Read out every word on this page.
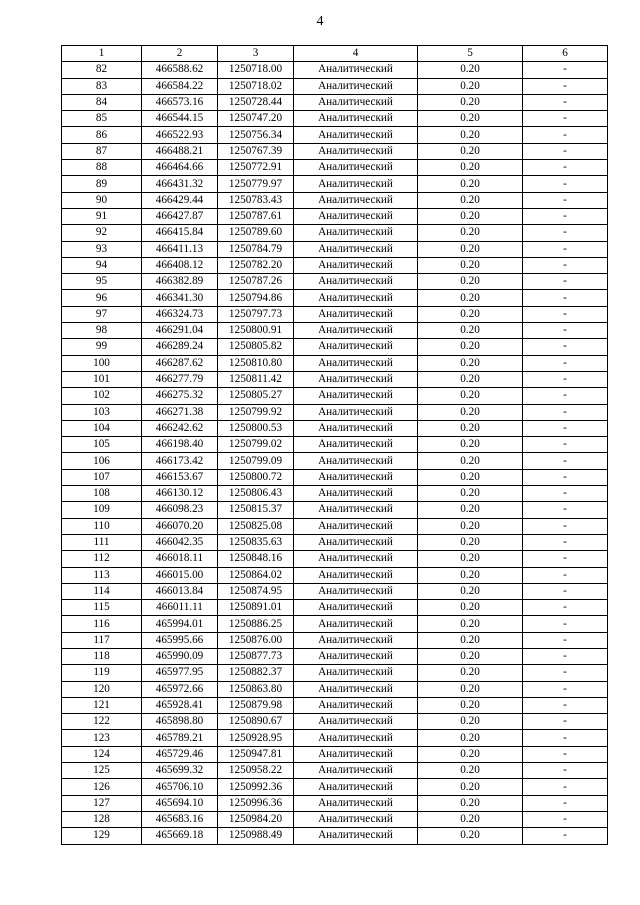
4
1	2	3	4	5	6
82	466588.62	1250718.00	Аналитический	0.20	-
83	466584.22	1250718.02	Аналитический	0.20	-
84	466573.16	1250728.44	Аналитический	0.20	-
85	466544.15	1250747.20	Аналитический	0.20	-
86	466522.93	1250756.34	Аналитический	0.20	-
87	466488.21	1250767.39	Аналитический	0.20	-
88	466464.66	1250772.91	Аналитический	0.20	-
89	466431.32	1250779.97	Аналитический	0.20	-
90	466429.44	1250783.43	Аналитический	0.20	-
91	466427.87	1250787.61	Аналитический	0.20	-
92	466415.84	1250789.60	Аналитический	0.20	-
93	466411.13	1250784.79	Аналитический	0.20	-
94	466408.12	1250782.20	Аналитический	0.20	-
95	466382.89	1250787.26	Аналитический	0.20	-
96	466341.30	1250794.86	Аналитический	0.20	-
97	466324.73	1250797.73	Аналитический	0.20	-
98	466291.04	1250800.91	Аналитический	0.20	-
99	466289.24	1250805.82	Аналитический	0.20	-
100	466287.62	1250810.80	Аналитический	0.20	-
101	466277.79	1250811.42	Аналитический	0.20	-
102	466275.32	1250805.27	Аналитический	0.20	-
103	466271.38	1250799.92	Аналитический	0.20	-
104	466242.62	1250800.53	Аналитический	0.20	-
105	466198.40	1250799.02	Аналитический	0.20	-
106	466173.42	1250799.09	Аналитический	0.20	-
107	466153.67	1250800.72	Аналитический	0.20	-
108	466130.12	1250806.43	Аналитический	0.20	-
109	466098.23	1250815.37	Аналитический	0.20	-
110	466070.20	1250825.08	Аналитический	0.20	-
111	466042.35	1250835.63	Аналитический	0.20	-
112	466018.11	1250848.16	Аналитический	0.20	-
113	466015.00	1250864.02	Аналитический	0.20	-
114	466013.84	1250874.95	Аналитический	0.20	-
115	466011.11	1250891.01	Аналитический	0.20	-
116	465994.01	1250886.25	Аналитический	0.20	-
117	465995.66	1250876.00	Аналитический	0.20	-
118	465990.09	1250877.73	Аналитический	0.20	-
119	465977.95	1250882.37	Аналитический	0.20	-
120	465972.66	1250863.80	Аналитический	0.20	-
121	465928.41	1250879.98	Аналитический	0.20	-
122	465898.80	1250890.67	Аналитический	0.20	-
123	465789.21	1250928.95	Аналитический	0.20	-
124	465729.46	1250947.81	Аналитический	0.20	-
125	465699.32	1250958.22	Аналитический	0.20	-
126	465706.10	1250992.36	Аналитический	0.20	-
127	465694.10	1250996.36	Аналитический	0.20	-
128	465683.16	1250984.20	Аналитический	0.20	-
129	465669.18	1250988.49	Аналитический	0.20	-
